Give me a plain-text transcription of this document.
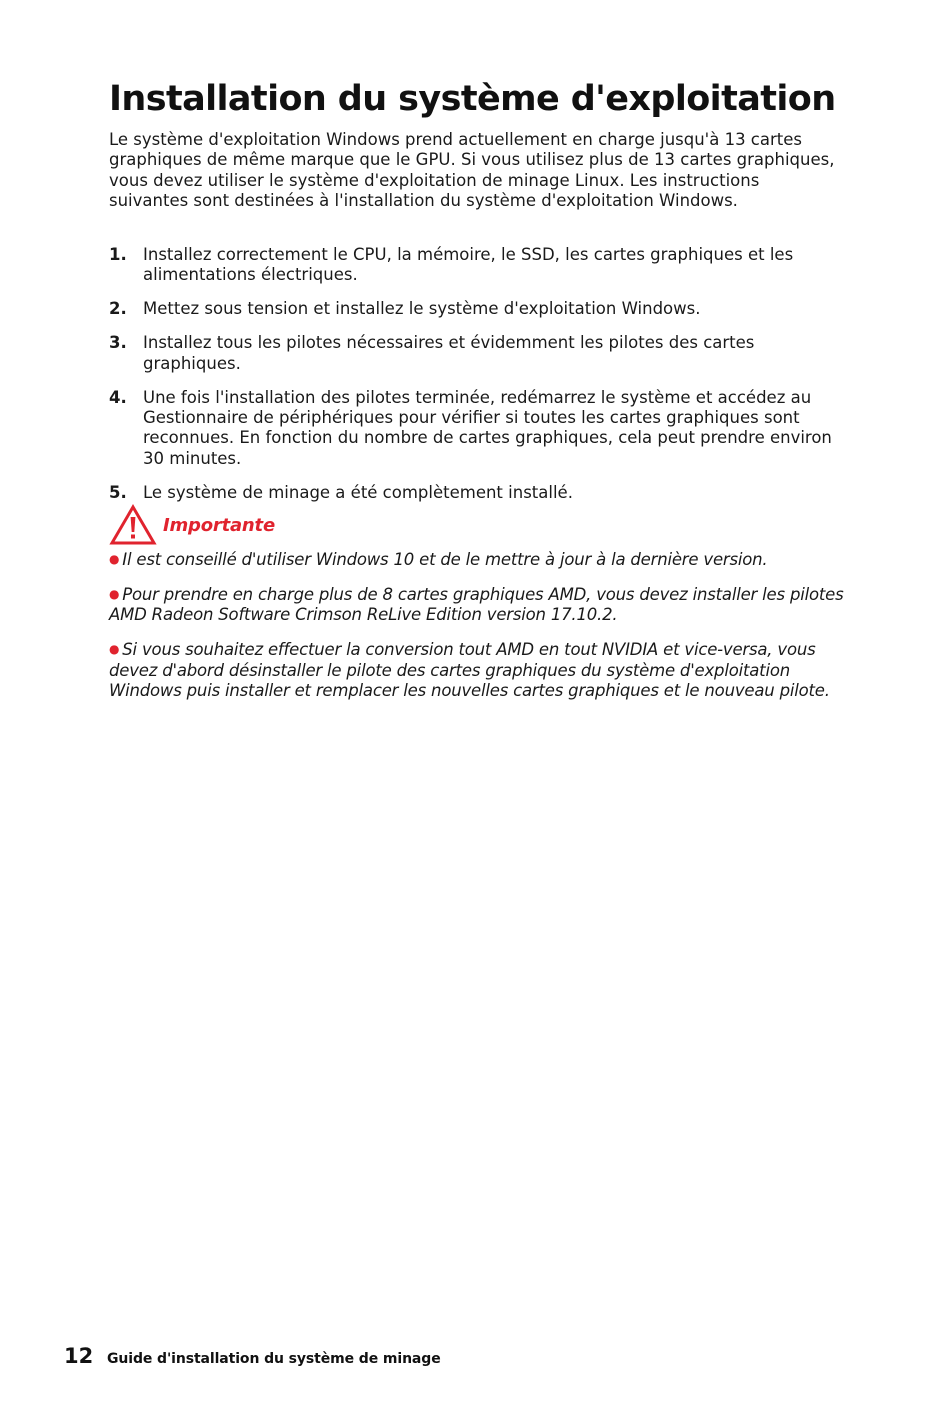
Installation du système d'exploitation

Le système d'exploitation Windows prend actuellement en charge jusqu'à 13 cartes graphiques de même marque que le GPU. Si vous utilisez plus de 13 cartes graphiques, vous devez utiliser le système d'exploitation de minage Linux. Les instructions suivantes sont destinées à l'installation du système d'exploitation Windows.

1. Installez correctement le CPU, la mémoire, le SSD, les cartes graphiques et les alimentations électriques.
2. Mettez sous tension et installez le système d'exploitation Windows.
3. Installez tous les pilotes nécessaires et évidemment les pilotes des cartes graphiques.
4. Une fois l'installation des pilotes terminée, redémarrez le système et accédez au Gestionnaire de périphériques pour vérifier si toutes les cartes graphiques sont reconnues. En fonction du nombre de cartes graphiques, cela peut prendre environ 30 minutes.
5. Le système de minage a été complètement installé.
Importante
● Il est conseillé d'utiliser Windows 10 et de le mettre à jour à la dernière version.
● Pour prendre en charge plus de 8 cartes graphiques AMD, vous devez installer les pilotes AMD Radeon Software Crimson ReLive Edition version 17.10.2.
● Si vous souhaitez effectuer la conversion tout AMD en tout NVIDIA et vice-versa, vous devez d'abord désinstaller le pilote des cartes graphiques du système d'exploitation Windows puis installer et remplacer les nouvelles cartes graphiques et le nouveau pilote.
12 Guide d'installation du système de minage
